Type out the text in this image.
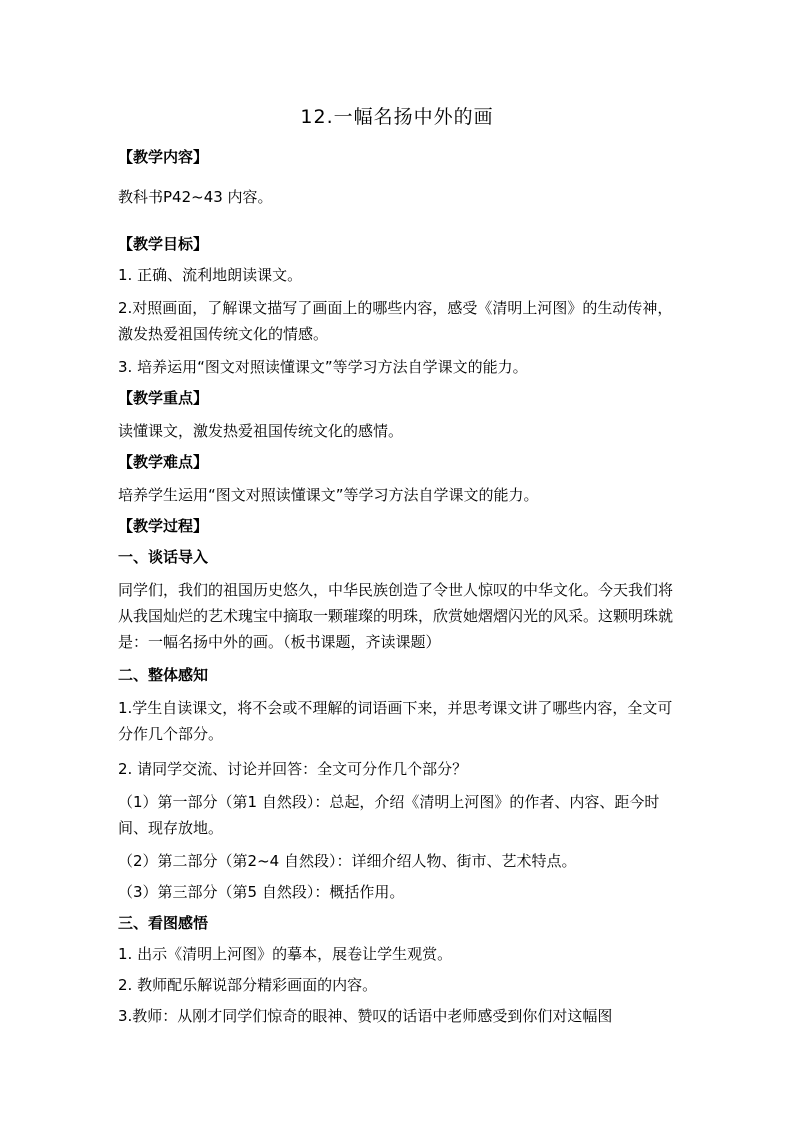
12.一幅名扬中外的画
【教学内容】
教科书P42~43 内容。
【教学目标】
1. 正确、流利地朗读课文。
2.对照画面，了解课文描写了画面上的哪些内容，感受《清明上河图》的生动传神，激发热爱祖国传统文化的情感。
3. 培养运用“图文对照读懂课文”等学习方法自学课文的能力。
【教学重点】
读懂课文，激发热爱祖国传统文化的感情。
【教学难点】
培养学生运用“图文对照读懂课文”等学习方法自学课文的能力。
【教学过程】
一、谈话导入
同学们，我们的祖国历史悠久，中华民族创造了令世人惊叹的中华文化。今天我们将从我国灿烂的艺术瑰宝中摘取一颗璀璨的明珠，欣赏她熠熠闪光的风采。这颗明珠就是：一幅名扬中外的画。（板书课题，齐读课题）
二、整体感知
1.学生自读课文，将不会或不理解的词语画下来，并思考课文讲了哪些内容，全文可分作几个部分。
2. 请同学交流、讨论并回答：全文可分作几个部分？
（1）第一部分（第1 自然段）：总起，介绍《清明上河图》的作者、内容、距今时间、现存放地。
（2）第二部分（第2~4 自然段）：详细介绍人物、街市、艺术特点。
（3）第三部分（第5 自然段）：概括作用。
三、看图感悟
1. 出示《清明上河图》的摹本，展卷让学生观赏。
2. 教师配乐解说部分精彩画面的内容。
3.教师：从刚才同学们惊奇的眼神、赞叹的话语中老师感受到你们对这幅图
